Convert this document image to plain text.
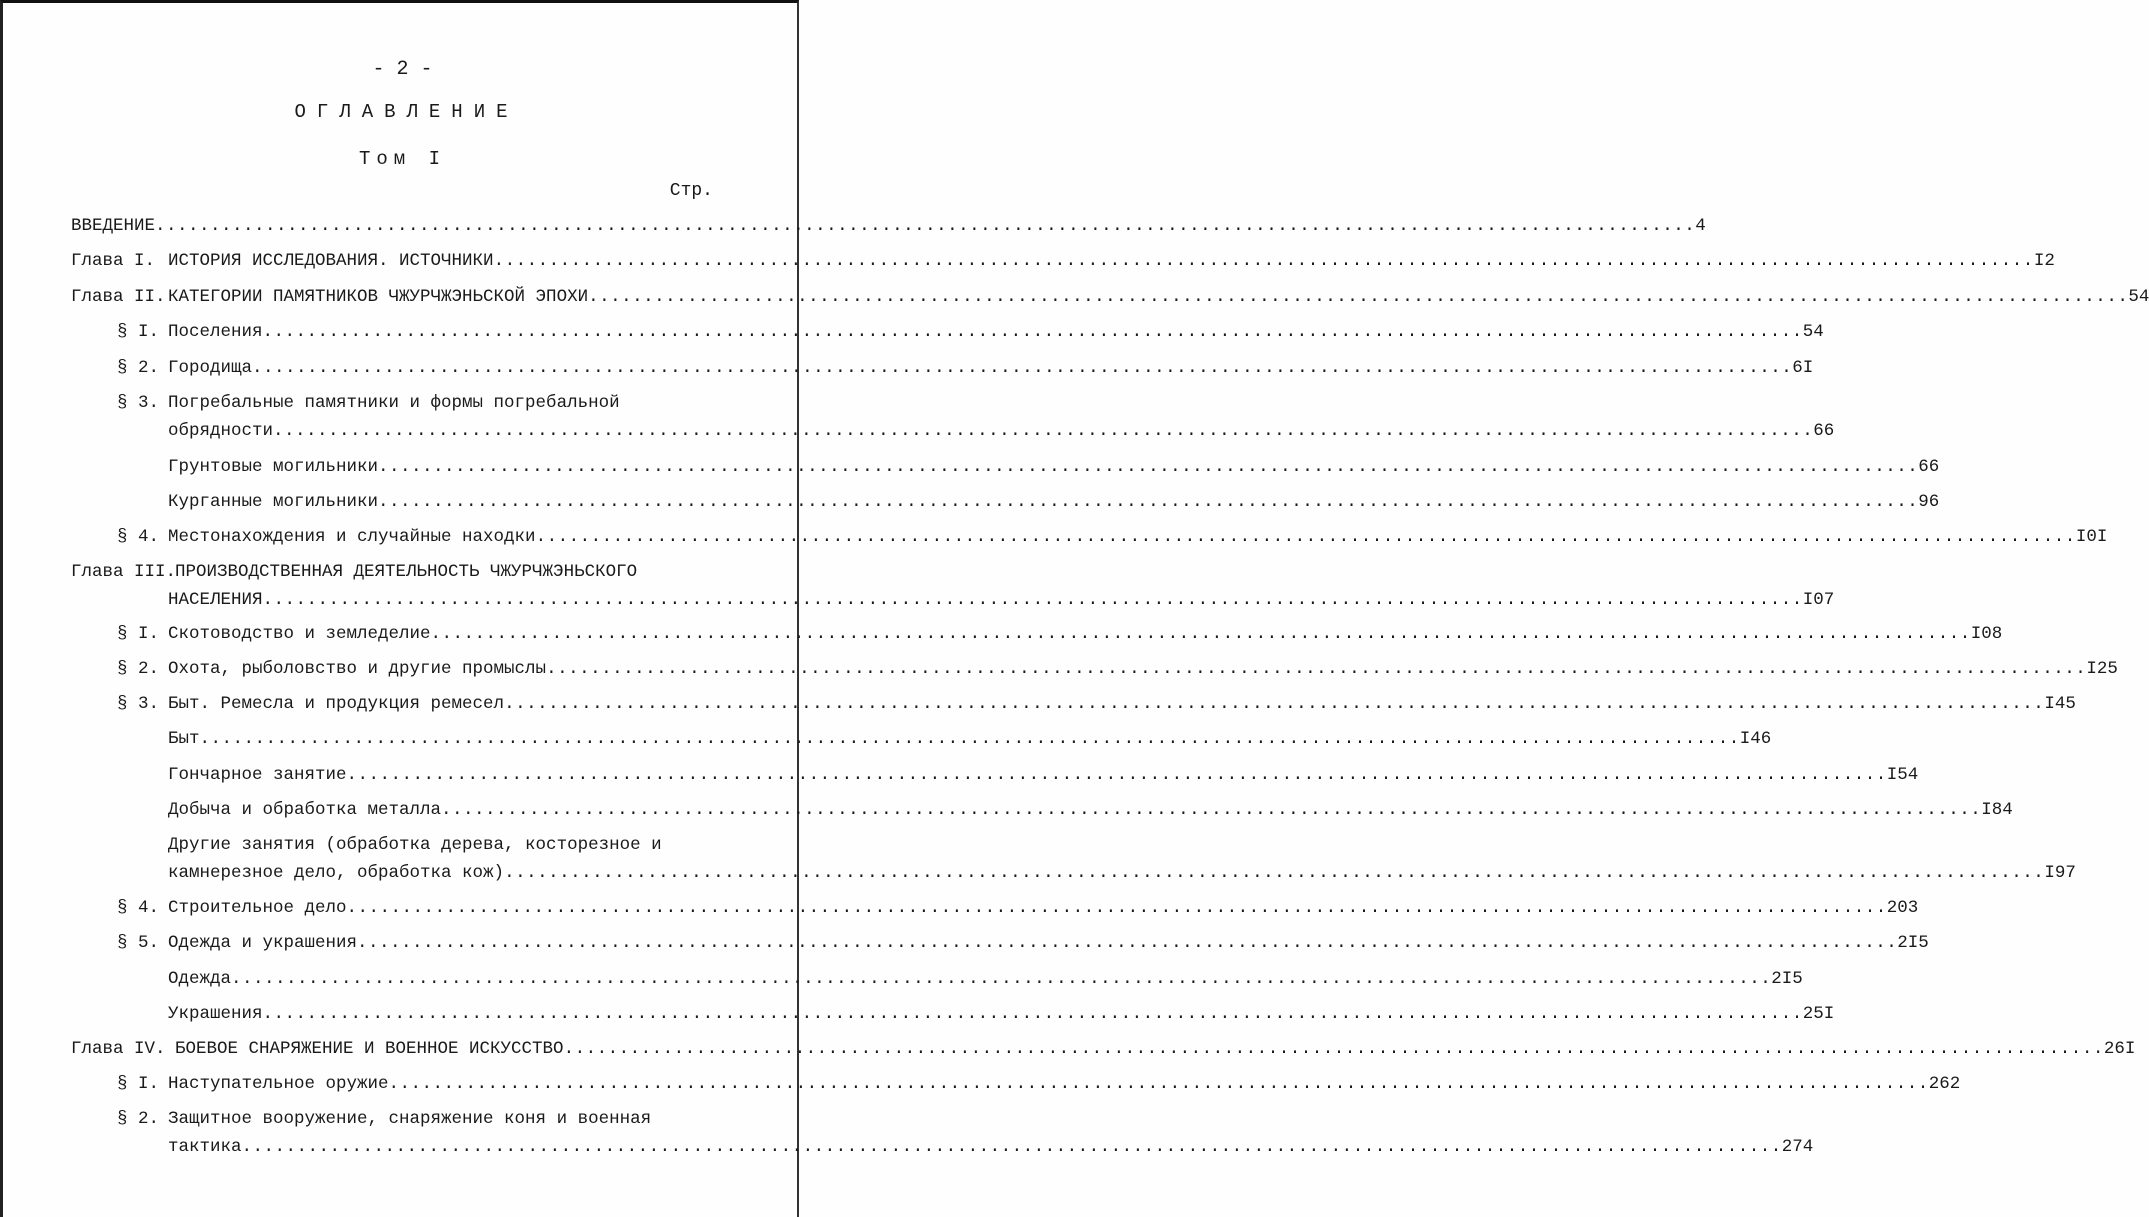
- 2 -
ОГЛАВЛЕНИЕ
Том I
Стр.
ВВЕДЕНИЕ ............................................................................................................................................ 4
Глава I. ИСТОРИЯ ИССЛЕДОВАНИЯ. ИСТОЧНИКИ ............................................................................................................................................ I2
Глава II. КАТЕГОРИИ ПАМЯТНИКОВ ЧЖУРЧЖЭНЬСКОЙ ЭПОХИ ............................................................................................................................................ 54
§ I. Поселения ............................................................................................................................................ 54
§ 2. Городища ............................................................................................................................................ 6I
§ 3. Погребальные памятники и формы погребальной
обрядности ............................................................................................................................................ 66
Грунтовые могильники ............................................................................................................................................ 66
Курганные могильники ............................................................................................................................................ 96
§ 4. Местонахождения и случайные находки ............................................................................................................................................ I0I
Глава III.
ПРОИЗВОДСТВЕННАЯ ДЕЯТЕЛЬНОСТЬ ЧЖУРЧЖЭНЬСКОГО
НАСЕЛЕНИЯ ............................................................................................................................................ I07
§ I. Скотоводство и земледелие ............................................................................................................................................ I08
§ 2. Охота, рыболовство и другие промыслы ............................................................................................................................................ I25
§ 3. Быт. Ремесла и продукция ремесел ............................................................................................................................................ I45
Быт ............................................................................................................................................ I46
Гончарное занятие ............................................................................................................................................ I54
Добыча и обработка металла ............................................................................................................................................ I84
Другие занятия (обработка дерева, косторезное и
камнерезное дело, обработка кож) ............................................................................................................................................ I97
§ 4. Строительное дело ............................................................................................................................................ 203
§ 5. Одежда и украшения ............................................................................................................................................ 2I5
Одежда ............................................................................................................................................ 2I5
Украшения ............................................................................................................................................ 25I
Глава IV. БОЕВОЕ СНАРЯЖЕНИЕ И ВОЕННОЕ ИСКУССТВО ............................................................................................................................................ 26I
§ I. Наступательное оружие ............................................................................................................................................ 262
§ 2. Защитное вооружение, снаряжение коня и военная
тактика ............................................................................................................................................ 274
